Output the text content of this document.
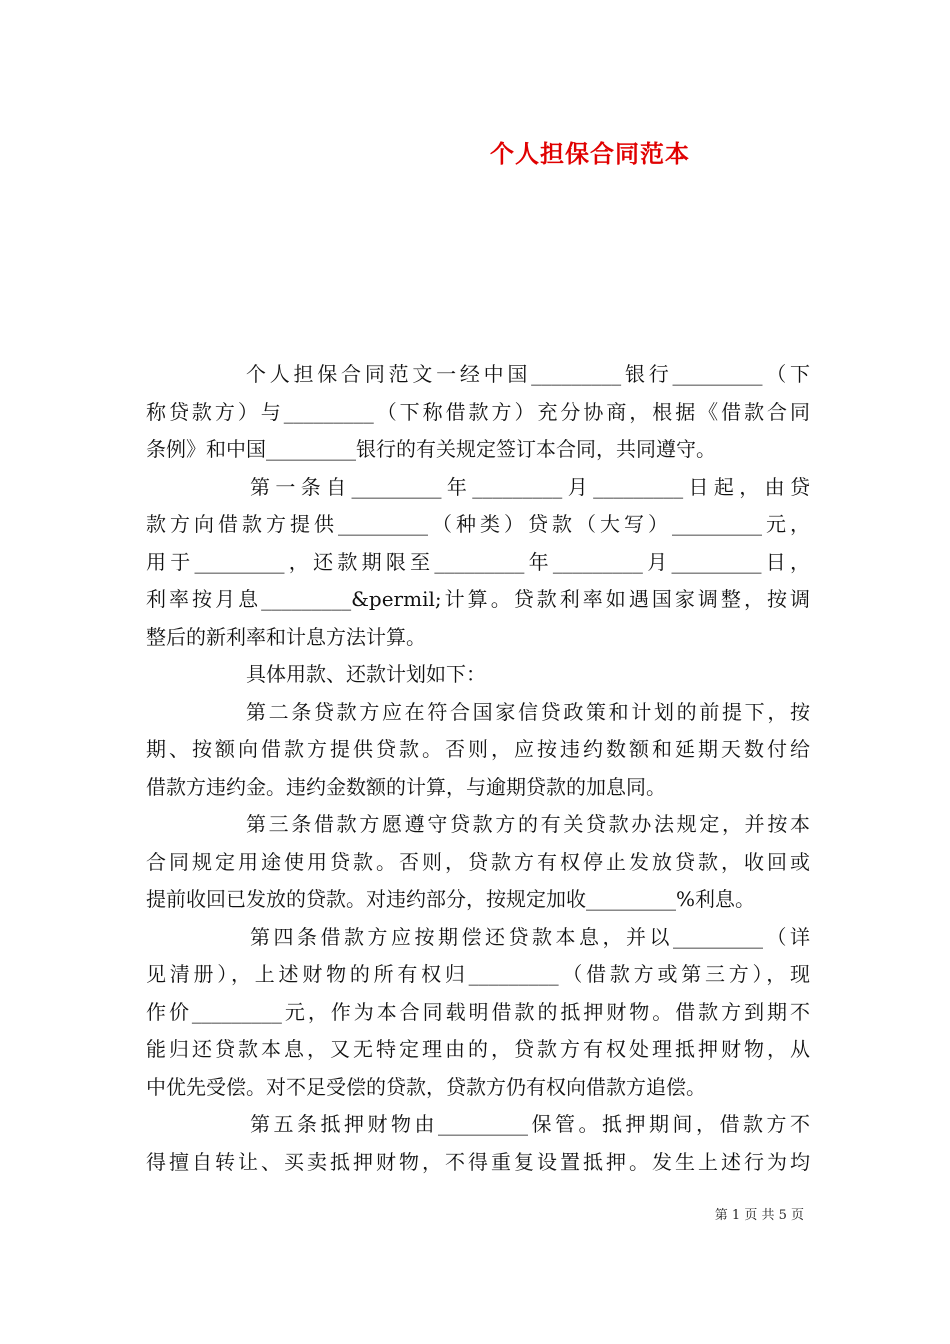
个人担保合同范本
个人担保合同范文一经中国_________银行_________（下
称贷款方）与_________（下称借款方）充分协商，根据《借款合同
条例》和中国_________银行的有关规定签订本合同，共同遵守。
第一条自_________年_________月_________日起，由贷
款方向借款方提供_________（种类）贷款（大写）_________元，
用于_________，还款期限至_________年_________月_________日，
利率按月息_________&permil;计算。贷款利率如遇国家调整，按调
整后的新利率和计息方法计算。
具体用款、还款计划如下：
第二条贷款方应在符合国家信贷政策和计划的前提下，按
期、按额向借款方提供贷款。否则，应按违约数额和延期天数付给
借款方违约金。违约金数额的计算，与逾期贷款的加息同。
第三条借款方愿遵守贷款方的有关贷款办法规定，并按本
合同规定用途使用贷款。否则，贷款方有权停止发放贷款，收回或
提前收回已发放的贷款。对违约部分，按规定加收_________%利息。
第四条借款方应按期偿还贷款本息，并以_________（详
见清册），上述财物的所有权归_________（借款方或第三方），现
作价_________元，作为本合同载明借款的抵押财物。借款方到期不
能归还贷款本息，又无特定理由的，贷款方有权处理抵押财物，从
中优先受偿。对不足受偿的贷款，贷款方仍有权向借款方追偿。
第五条抵押财物由_________保管。抵押期间，借款方不
得擅自转让、买卖抵押财物，不得重复设置抵押。发生上述行为均
第 1 页 共 5 页
